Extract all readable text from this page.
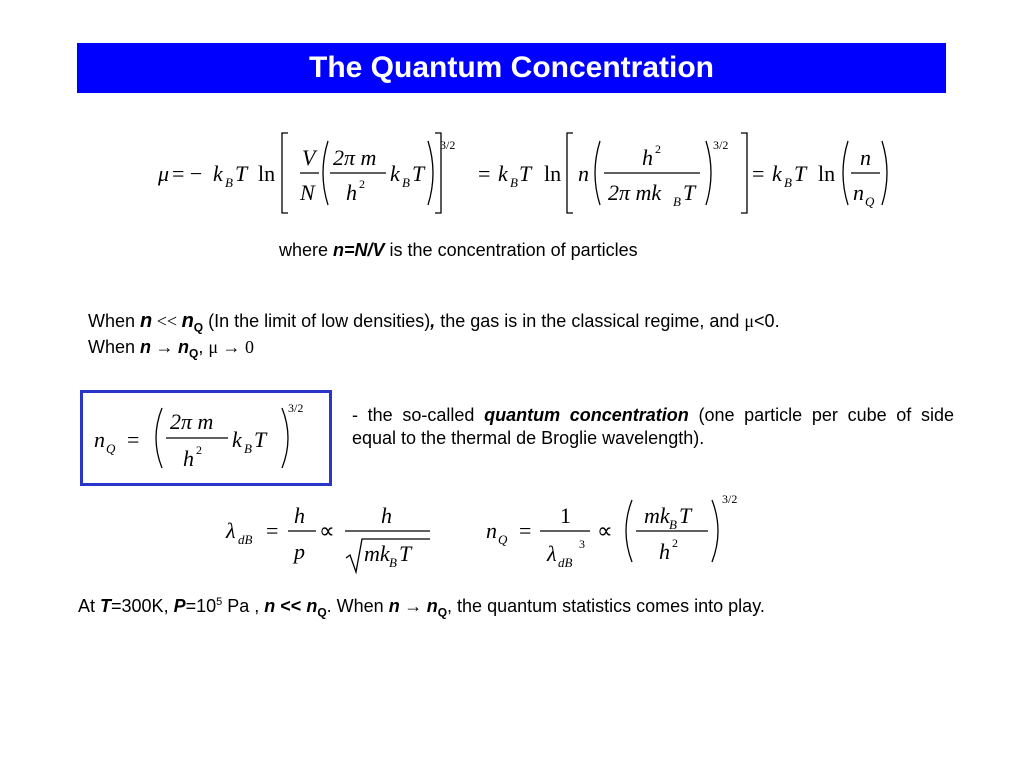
The Quantum Concentration
μ = − k B T ln
V
N
2π m
h 2 k B T
3/2
= k B T ln n
h 2
2π mk B T
3/2
= k B T ln
n
n Q
where n=N/V is the concentration of particles
When $n << n_Q$ (In the limit of low densities), the gas is in the classical regime, and μ<0.
When $n \to n_Q$, μ → 0
n Q =
2π m
h 2 k B T
3/2	- the so-called quantum concentration (one particle per cube of side equal to the thermal de Broglie wavelength).
λ dB =
h
p
∝
h
mk B T
n Q =
1
λ dB
3
∝
mk B T
h 2
3/2
At T=300K, $P=10^5$ Pa , $n << n_Q$. When $n \to n_Q$, the quantum statistics comes into play.
